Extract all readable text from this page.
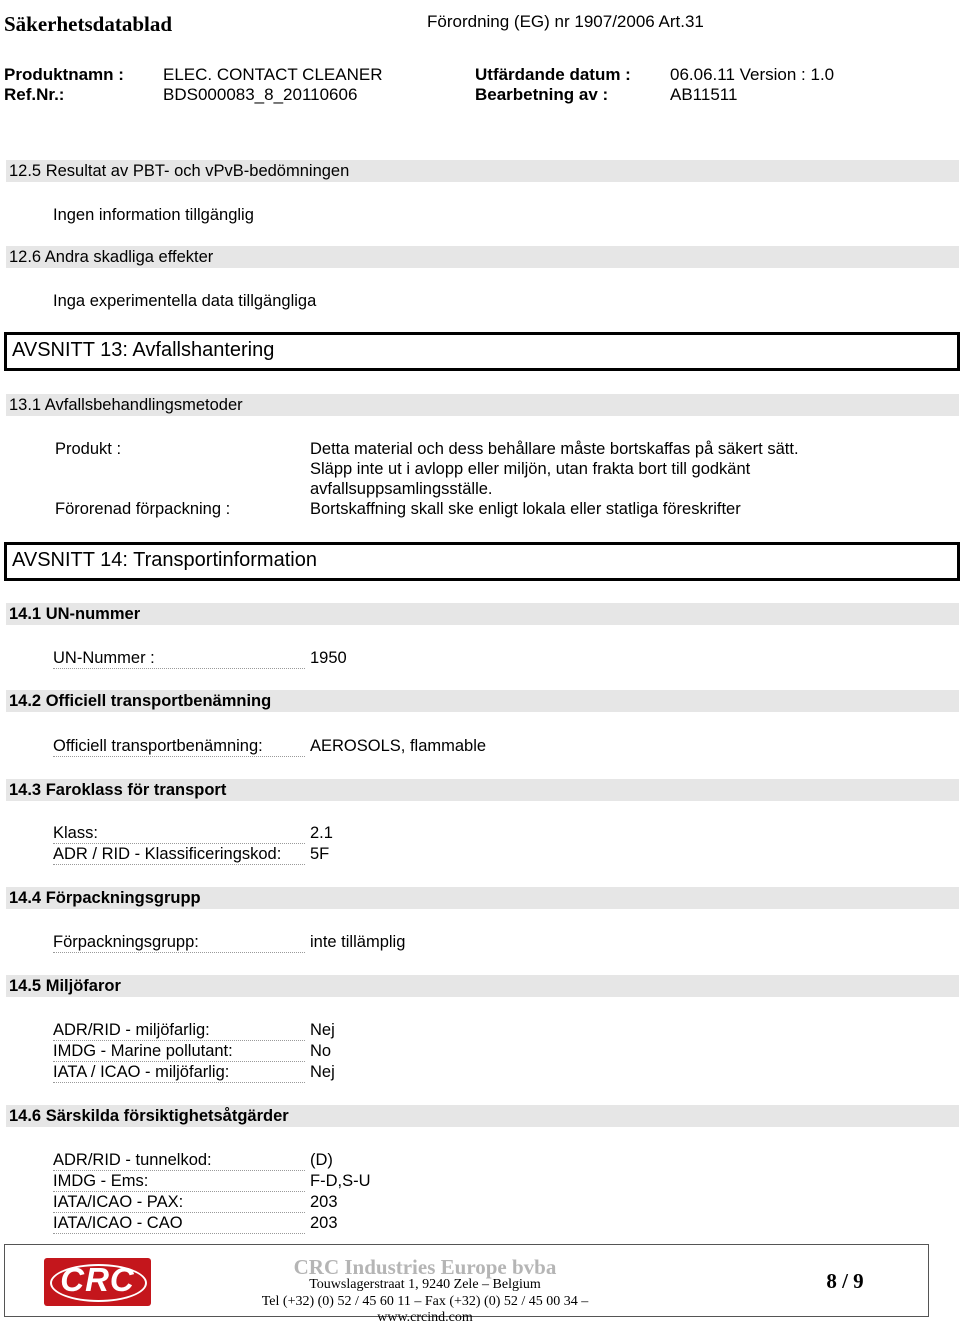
Säkerhetsdatablad	Förordning (EG) nr 1907/2006 Art.31
Produktnamn : ELEC. CONTACT CLEANER	Utfärdande datum : 06.06.11 Version : 1.0
Ref.Nr.:	BDS000083_8_20110606	Bearbetning av :	AB11511
12.5 Resultat av PBT- och vPvB-bedömningen
Ingen information tillgänglig
12.6 Andra skadliga effekter
Inga experimentella data tillgängliga
AVSNITT 13: Avfallshantering
13.1 Avfallsbehandlingsmetoder
Produkt :	Detta material och dess behållare måste bortskaffas på säkert sätt.
Släpp inte ut i avlopp eller miljön, utan frakta bort till godkänt
avfallsuppsamlingsställe.
Förorenad förpackning :	Bortskaffning skall ske enligt lokala eller statliga föreskrifter
AVSNITT 14: Transportinformation
14.1 UN-nummer
UN-Nummer :	1950
14.2 Officiell transportbenämning
Officiell transportbenämning:	AEROSOLS, flammable
14.3 Faroklass för transport
Klass:	2.1
ADR / RID - Klassificeringskod:	5F
14.4 Förpackningsgrupp
Förpackningsgrupp:	inte tillämplig
14.5 Miljöfaror
ADR/RID - miljöfarlig:	Nej
IMDG - Marine pollutant:	No
IATA / ICAO - miljöfarlig:	Nej
14.6 Särskilda försiktighetsåtgärder
ADR/RID - tunnelkod:	(D)
IMDG - Ems:	F-D,S-U
IATA/ICAO - PAX:	203
IATA/ICAO - CAO	203
CRC	CRC Industries Europe bvba
Touwslagerstraat 1, 9240 Zele – Belgium
Tel (+32) (0) 52 / 45 60 11 – Fax (+32) (0) 52 / 45 00 34 – www.crcind.com
8 / 9
